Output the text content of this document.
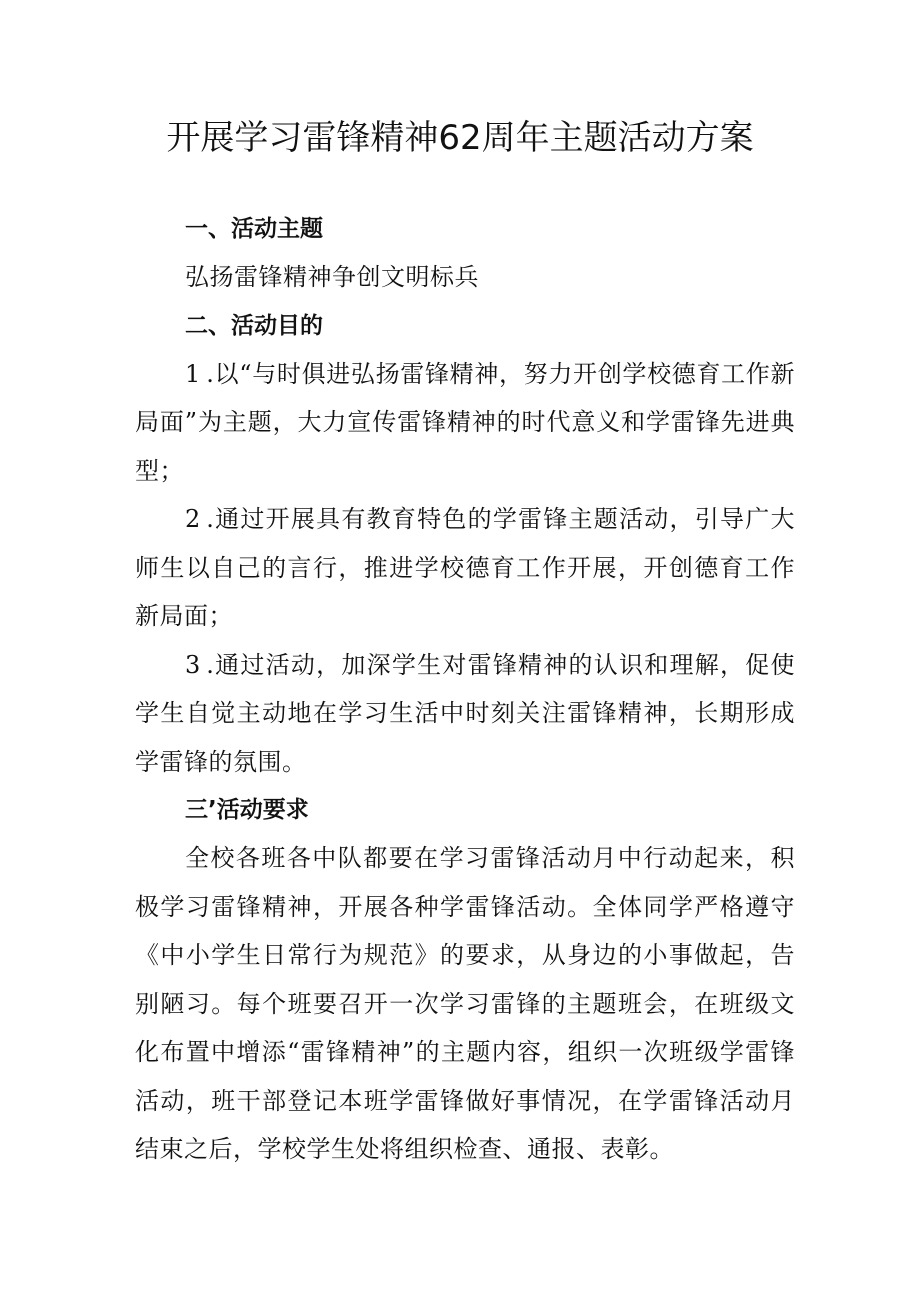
开展学习雷锋精神62周年主题活动方案

一、活动主题

弘扬雷锋精神争创文明标兵

二、活动目的

1.以“与时俱进弘扬雷锋精神，努力开创学校德育工作新局面”为主题，大力宣传雷锋精神的时代意义和学雷锋先进典型；

2.通过开展具有教育特色的学雷锋主题活动，引导广大师生以自己的言行，推进学校德育工作开展，开创德育工作新局面；

3.通过活动，加深学生对雷锋精神的认识和理解，促使学生自觉主动地在学习生活中时刻关注雷锋精神，长期形成学雷锋的氛围。

三’活动要求

全校各班各中队都要在学习雷锋活动月中行动起来，积极学习雷锋精神，开展各种学雷锋活动。全体同学严格遵守《中小学生日常行为规范》的要求，从身边的小事做起，告别陋习。每个班要召开一次学习雷锋的主题班会，在班级文化布置中增添“雷锋精神”的主题内容，组织一次班级学雷锋活动，班干部登记本班学雷锋做好事情况，在学雷锋活动月结束之后，学校学生处将组织检查、通报、表彰。
